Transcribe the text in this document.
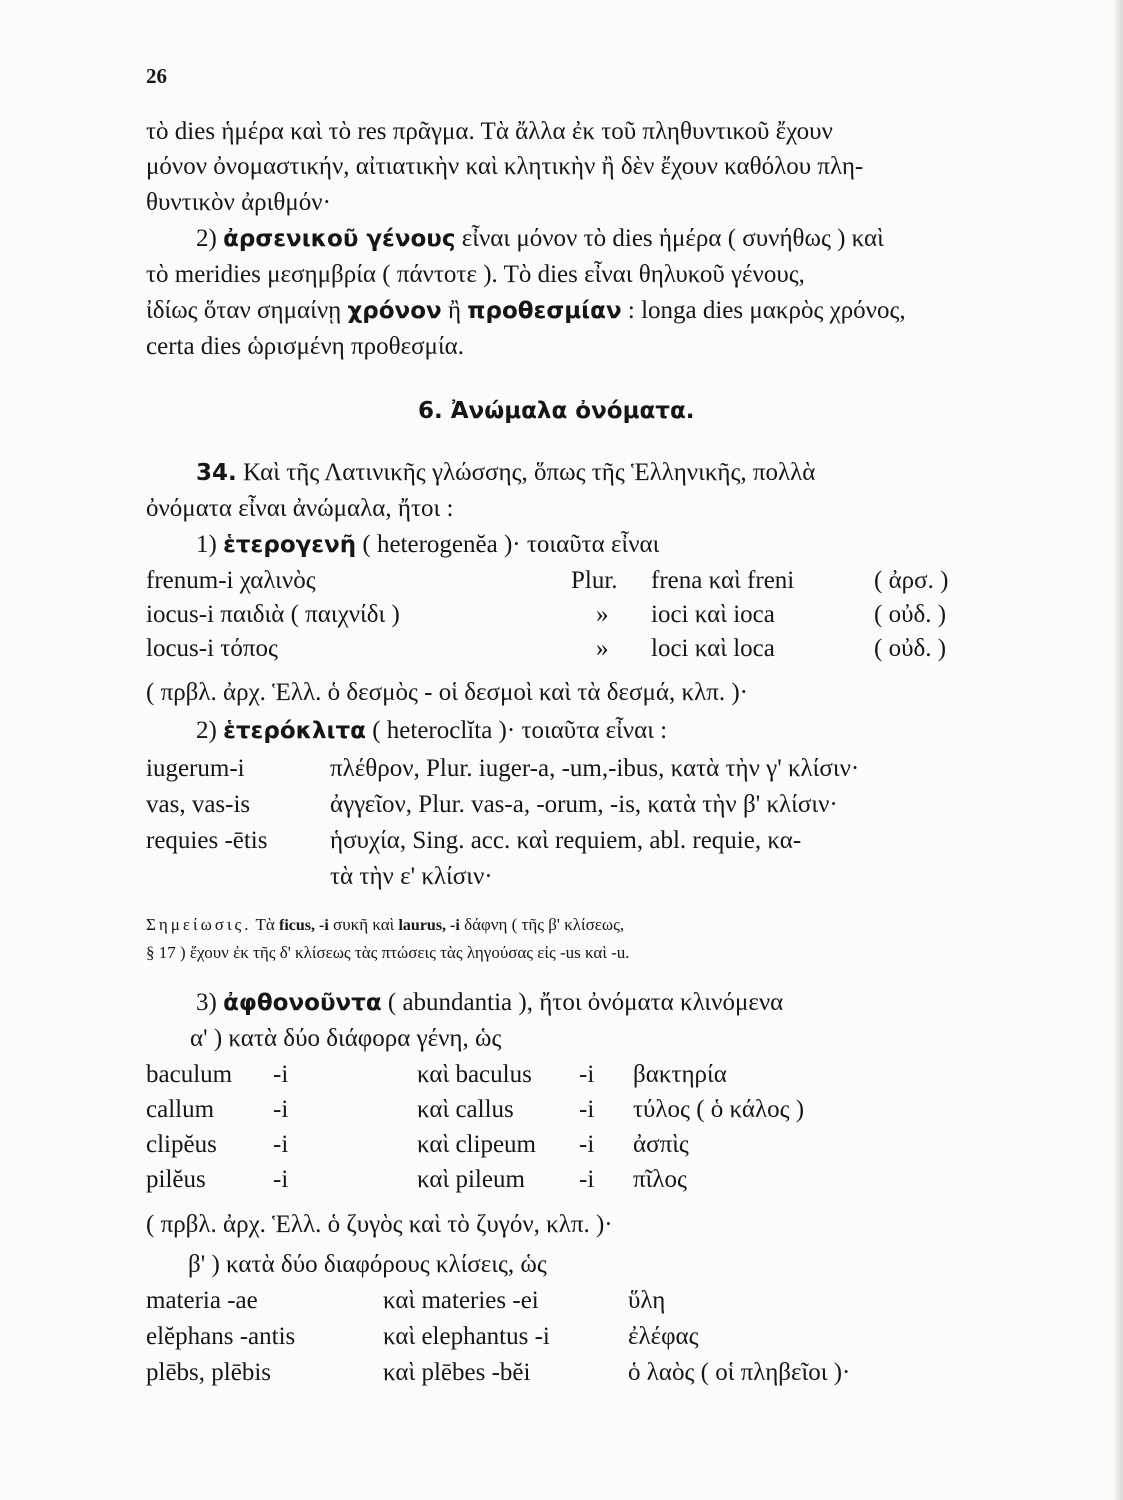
26
τὸ dies ἡμέρα καὶ τὸ res πρᾶγμα. Τὰ ἄλλα ἐκ τοῦ πληθυντικοῦ ἔχουν
μόνον ὀνομαστικήν, αἰτιατικὴν καὶ κλητικὴν ἢ δὲν ἔχουν καθόλου πλη-
θυντικὸν ἀριθμόν·
2) ἀρσενικοῦ γένους εἶναι μόνον τὸ dies ἡμέρα ( συνήθως ) καὶ
τὸ meridies μεσημβρία ( πάντοτε ). Τὸ dies εἶναι θηλυκοῦ γένους,
ἰδίως ὅταν σημαίνῃ χρόνον ἢ προθεσμίαν : longa dies μακρὸς χρόνος,
certa dies ὡρισμένη προθεσμία.
6. Ἀνώμαλα ὀνόματα.
34. Καὶ τῆς Λατινικῆς γλώσσης, ὅπως τῆς Ἑλληνικῆς, πολλὰ
ὀνόματα εἶναι ἀνώμαλα, ἤτοι :
1) ἑτερογενῆ ( heterogenĕa )· τοιαῦτα εἶναι
frenum-i χαλινὸς	Plur. frena καὶ freni	( ἀρσ. )
iocus-i παιδιὰ ( παιχνίδι )	» ioci καὶ ioca	( οὐδ. )
locus-i τόπος	» loci καὶ loca	( οὐδ. )
( πρβλ. ἀρχ. Ἑλλ. ὁ δεσμὸς - οἱ δεσμοὶ καὶ τὰ δεσμά, κλπ. )·
2) ἑτερόκλιτα ( heteroclĭta )· τοιαῦτα εἶναι :
iugerum-i	πλέθρον, Plur. iuger-a, -um,-ibus, κατὰ τὴν γ' κλίσιν·
vas, vas-is	ἀγγεῖον, Plur. vas-a, -orum, -is, κατὰ τὴν β' κλίσιν·
requies -ētis	ἡσυχία, Sing. acc. καὶ requiem, abl. requie, κα-
τὰ τὴν ε' κλίσιν·
Σημείωσις. Τὰ ficus, -i συκῆ καὶ laurus, -i δάφνη ( τῆς β' κλίσεως,
§ 17 ) ἔχουν ἐκ τῆς δ' κλίσεως τὰς πτώσεις τὰς ληγούσας εἰς -us καὶ -u.
3) ἀφθονοῦντα ( abundantia ), ἤτοι ὀνόματα κλινόμενα
α' ) κατὰ δύο διάφορα γένη, ὡς
baculum -i	καὶ baculus -i βακτηρία
callum -i	καὶ callus	-i τύλος ( ὁ κάλος )
clipĕus -i	καὶ clipeum -i ἀσπὶς
pilĕus	-i	καὶ pileum -i πῖλος
( πρβλ. ἀρχ. Ἑλλ. ὁ ζυγὸς καὶ τὸ ζυγόν, κλπ. )·
β' ) κατὰ δύο διαφόρους κλίσεις, ὡς
materia -ae	καὶ materies -ei	ὕλη
elĕphans -antis	καὶ elephantus -i	ἐλέφας
plēbs, plēbis	καὶ plēbes -bĕi	ὁ λαὸς ( οἱ πληβεῖοι )·
